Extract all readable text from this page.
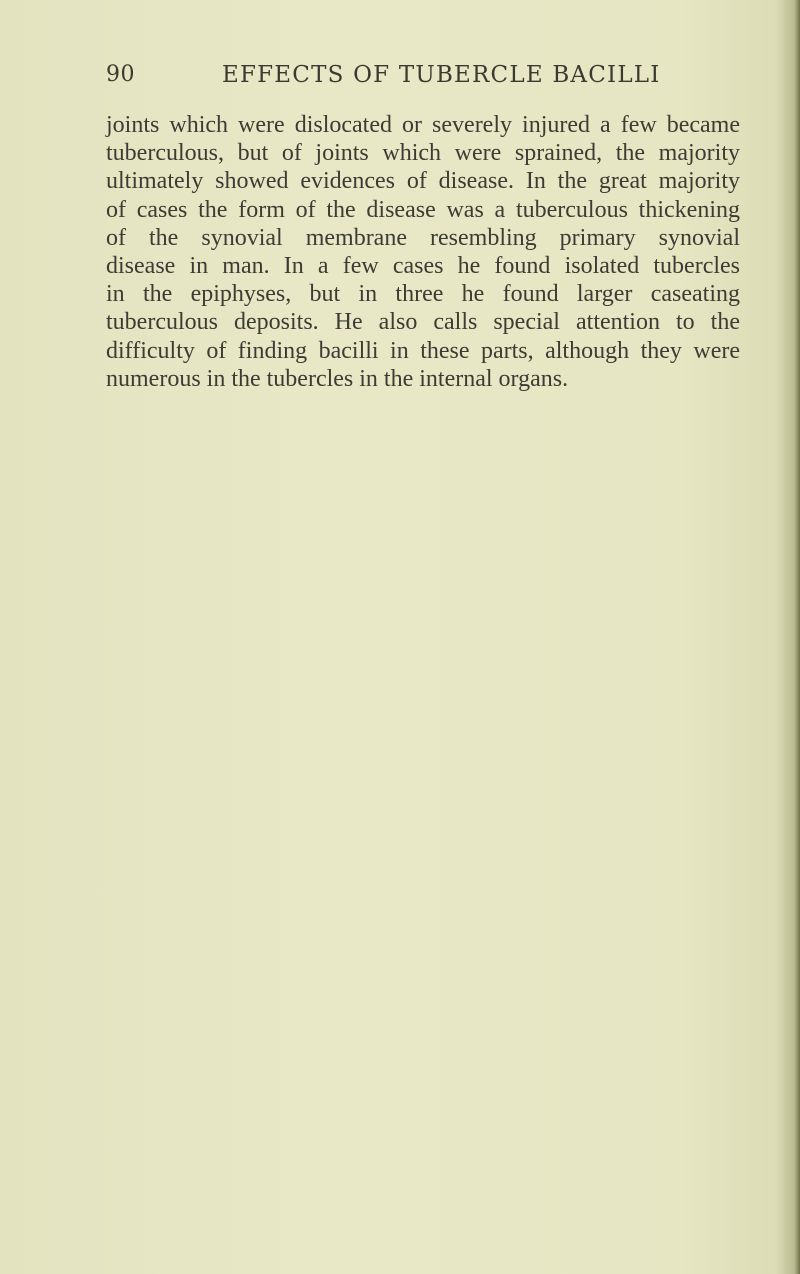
90	EFFECTS OF TUBERCLE BACILLI
joints which were dislocated or severely injured a few became
tuberculous, but of joints which were sprained, the majority
ultimately showed evidences of disease. In the great majority
of cases the form of the disease was a tuberculous thickening
of the synovial membrane resembling primary synovial
disease in man. In a few cases he found isolated tubercles
in the epiphyses, but in three he found larger caseating
tuberculous deposits. He also calls special attention to the
difficulty of finding bacilli in these parts, although they were
numerous in the tubercles in the internal organs.
